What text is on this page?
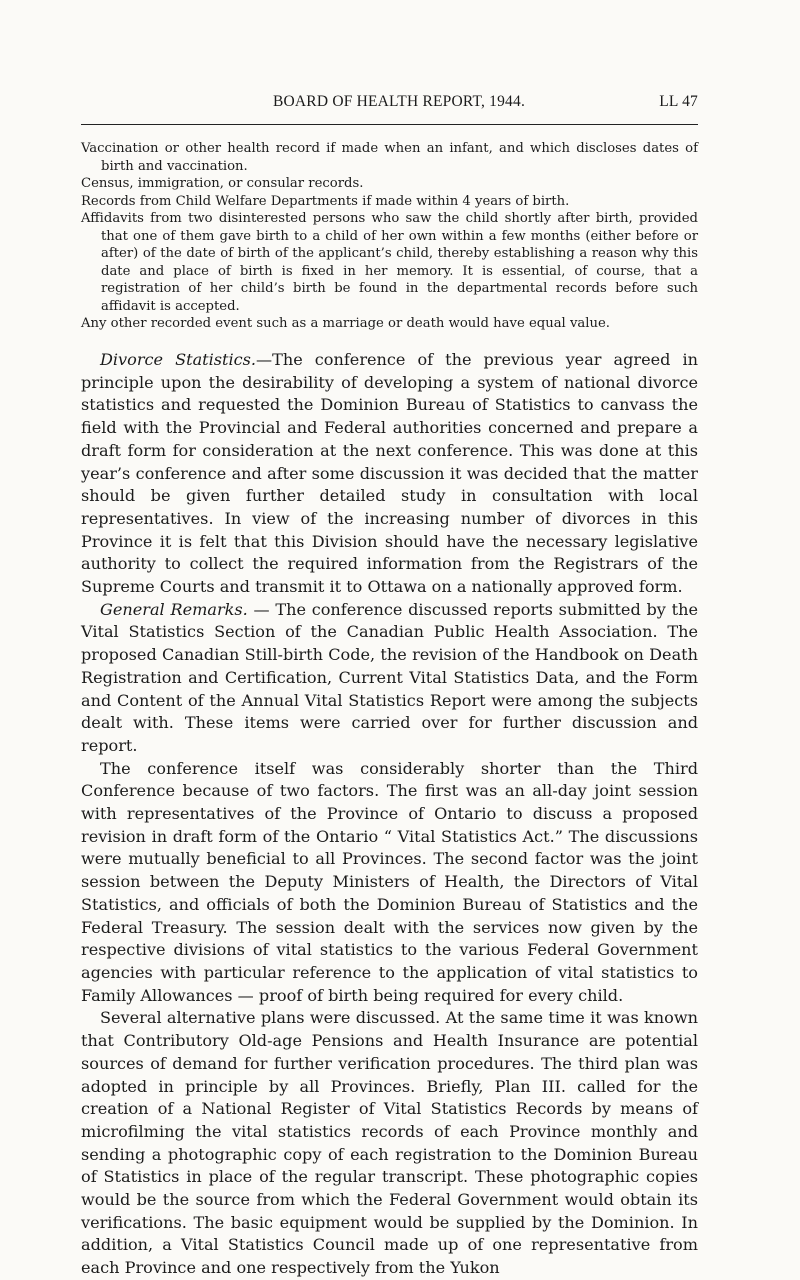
BOARD OF HEALTH REPORT, 1944.	LL 47

Vaccination or other health record if made when an infant, and which discloses dates of birth and vaccination.

Census, immigration, or consular records.

Records from Child Welfare Departments if made within 4 years of birth.

Affidavits from two disinterested persons who saw the child shortly after birth, provided that one of them gave birth to a child of her own within a few months (either before or after) of the date of birth of the applicant’s child, thereby establishing a reason why this date and place of birth is fixed in her memory. It is essential, of course, that a registration of her child’s birth be found in the departmental records before such affidavit is accepted.

Any other recorded event such as a marriage or death would have equal value.

Divorce Statistics.—The conference of the previous year agreed in principle upon the desirability of developing a system of national divorce statistics and requested the Dominion Bureau of Statistics to canvass the field with the Provincial and Federal authorities concerned and prepare a draft form for consideration at the next conference. This was done at this year’s conference and after some discussion it was decided that the matter should be given further detailed study in consultation with local representatives. In view of the increasing number of divorces in this Province it is felt that this Division should have the necessary legislative authority to collect the required information from the Registrars of the Supreme Courts and transmit it to Ottawa on a nationally approved form.

General Remarks. — The conference discussed reports submitted by the Vital Statistics Section of the Canadian Public Health Association. The proposed Canadian Still-birth Code, the revision of the Handbook on Death Registration and Certification, Current Vital Statistics Data, and the Form and Content of the Annual Vital Statistics Report were among the subjects dealt with. These items were carried over for further discussion and report.

The conference itself was considerably shorter than the Third Conference because of two factors. The first was an all-day joint session with representatives of the Province of Ontario to discuss a proposed revision in draft form of the Ontario “ Vital Statistics Act.” The discussions were mutually beneficial to all Provinces. The second factor was the joint session between the Deputy Ministers of Health, the Directors of Vital Statistics, and officials of both the Dominion Bureau of Statistics and the Federal Treasury. The session dealt with the services now given by the respective divisions of vital statistics to the various Federal Government agencies with particular reference to the application of vital statistics to Family Allowances — proof of birth being required for every child.

Several alternative plans were discussed. At the same time it was known that Contributory Old-age Pensions and Health Insurance are potential sources of demand for further verification procedures. The third plan was adopted in principle by all Provinces. Briefly, Plan III. called for the creation of a National Register of Vital Statistics Records by means of microfilming the vital statistics records of each Province monthly and sending a photographic copy of each registration to the Dominion Bureau of Statistics in place of the regular transcript. These photographic copies would be the source from which the Federal Government would obtain its verifications. The basic equipment would be supplied by the Dominion. In addition, a Vital Statistics Council made up of one representative from each Province and one respectively from the Yukon
